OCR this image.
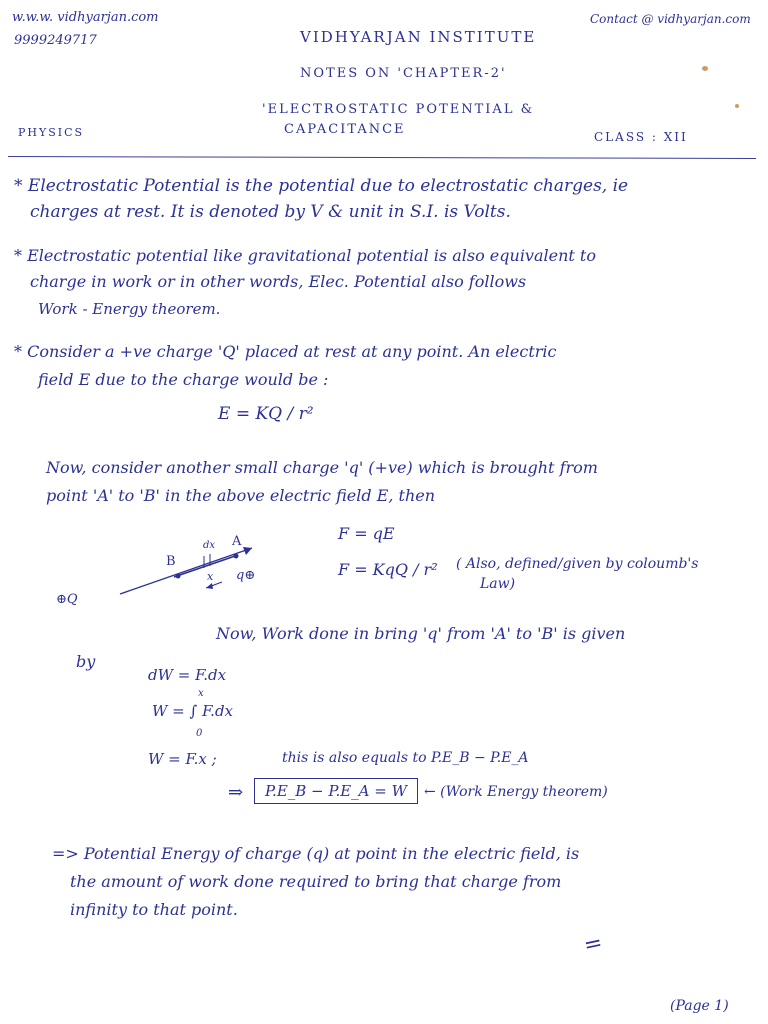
w.w.w. vidhyarjan.com
9999249717
Contact @ vidhyarjan.com
VIDHYARJAN INSTITUTE
NOTES ON 'CHAPTER-2'
'ELECTROSTATIC POTENTIAL &
CAPACITANCE
PHYSICS	CLASS : XII
* Electrostatic Potential is the potential due to electrostatic charges, ie
charges at rest. It is denoted by V & unit in S.I. is Volts.
* Electrostatic potential like gravitational potential is also equivalent to
charge in work or in other words, Elec. Potential also follows
Work - Energy theorem.
* Consider a +ve charge 'Q' placed at rest at any point. An electric
field E due to the charge would be :
E = KQ / r²
Now, consider another small charge 'q' (+ve) which is brought from
point 'A' to 'B' in the above electric field E, then
F = qE
F = KqQ / r² ( Also, defined/given by coloumb's
Law)
B
A
dx
x q⊕
⊕Q
Now, Work done in bring 'q' from 'A' to 'B' is given
by
dW = F.dx
W = ∫ F.dx
x
0
W = F.x ;	this is also equals to P.E_B − P.E_A
⇒	P.E_B − P.E_A = W	← (Work Energy theorem)
=> Potential Energy of charge (q) at point in the electric field, is
the amount of work done required to bring that charge from
infinity to that point.
=
(Page 1)
